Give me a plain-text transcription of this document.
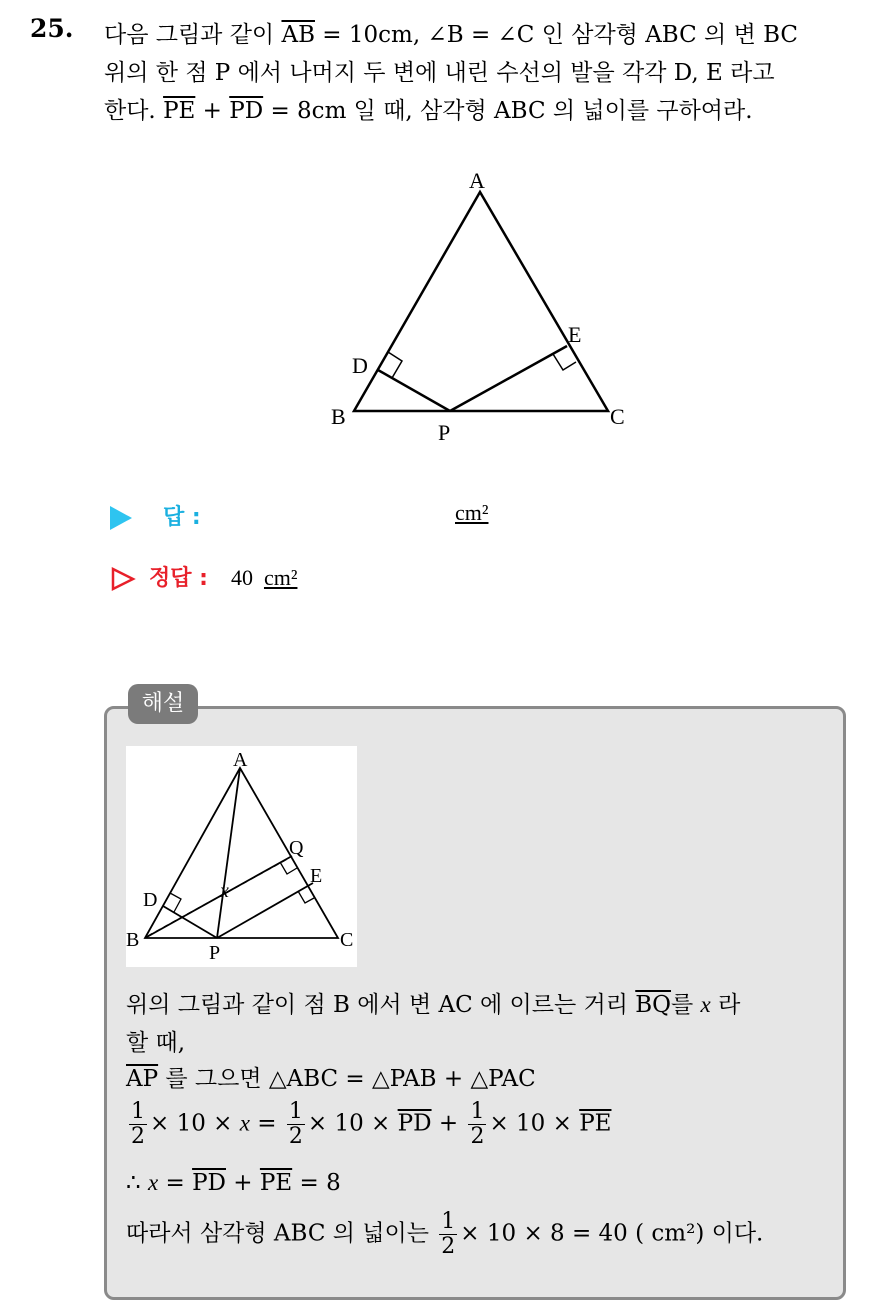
25. 다음 그림과 같이 $\overline{AB} = 10cm$, ∠B = ∠C 인 삼각형 ABC 의 변 BC
위의 한 점 P 에서 나머지 두 변에 내린 수선의 발을 각각 D, E 라고
한다. $\overline{PE} + \overline{PD} = 8cm$ 일 때, 삼각형 ABC 의 넓이를 구하여라.
A
B	C
D
E
P
답 :	cm²
정답 : 40 cm²
해설
A
B	C
D
E
P
Q
x
위의 그림과 같이 점 B 에서 변 AC 에 이르는 거리 $\overline{BQ}$를 x 라
할 때,
$\overline{AP}$ 를 그으면 △ABC = △PAB + △PAC
$\frac{1}{2} \times 10 \times x = \frac{1}{2} \times 10 \times \overline{PD} + \frac{1}{2} \times 10 \times \overline{PE}$
∴ $x = \overline{PD} + \overline{PE} = 8$
따라서 삼각형 ABC 의 넓이는 $\frac{1}{2} \times 10 \times 8 = 40$ ( cm²) 이다.
